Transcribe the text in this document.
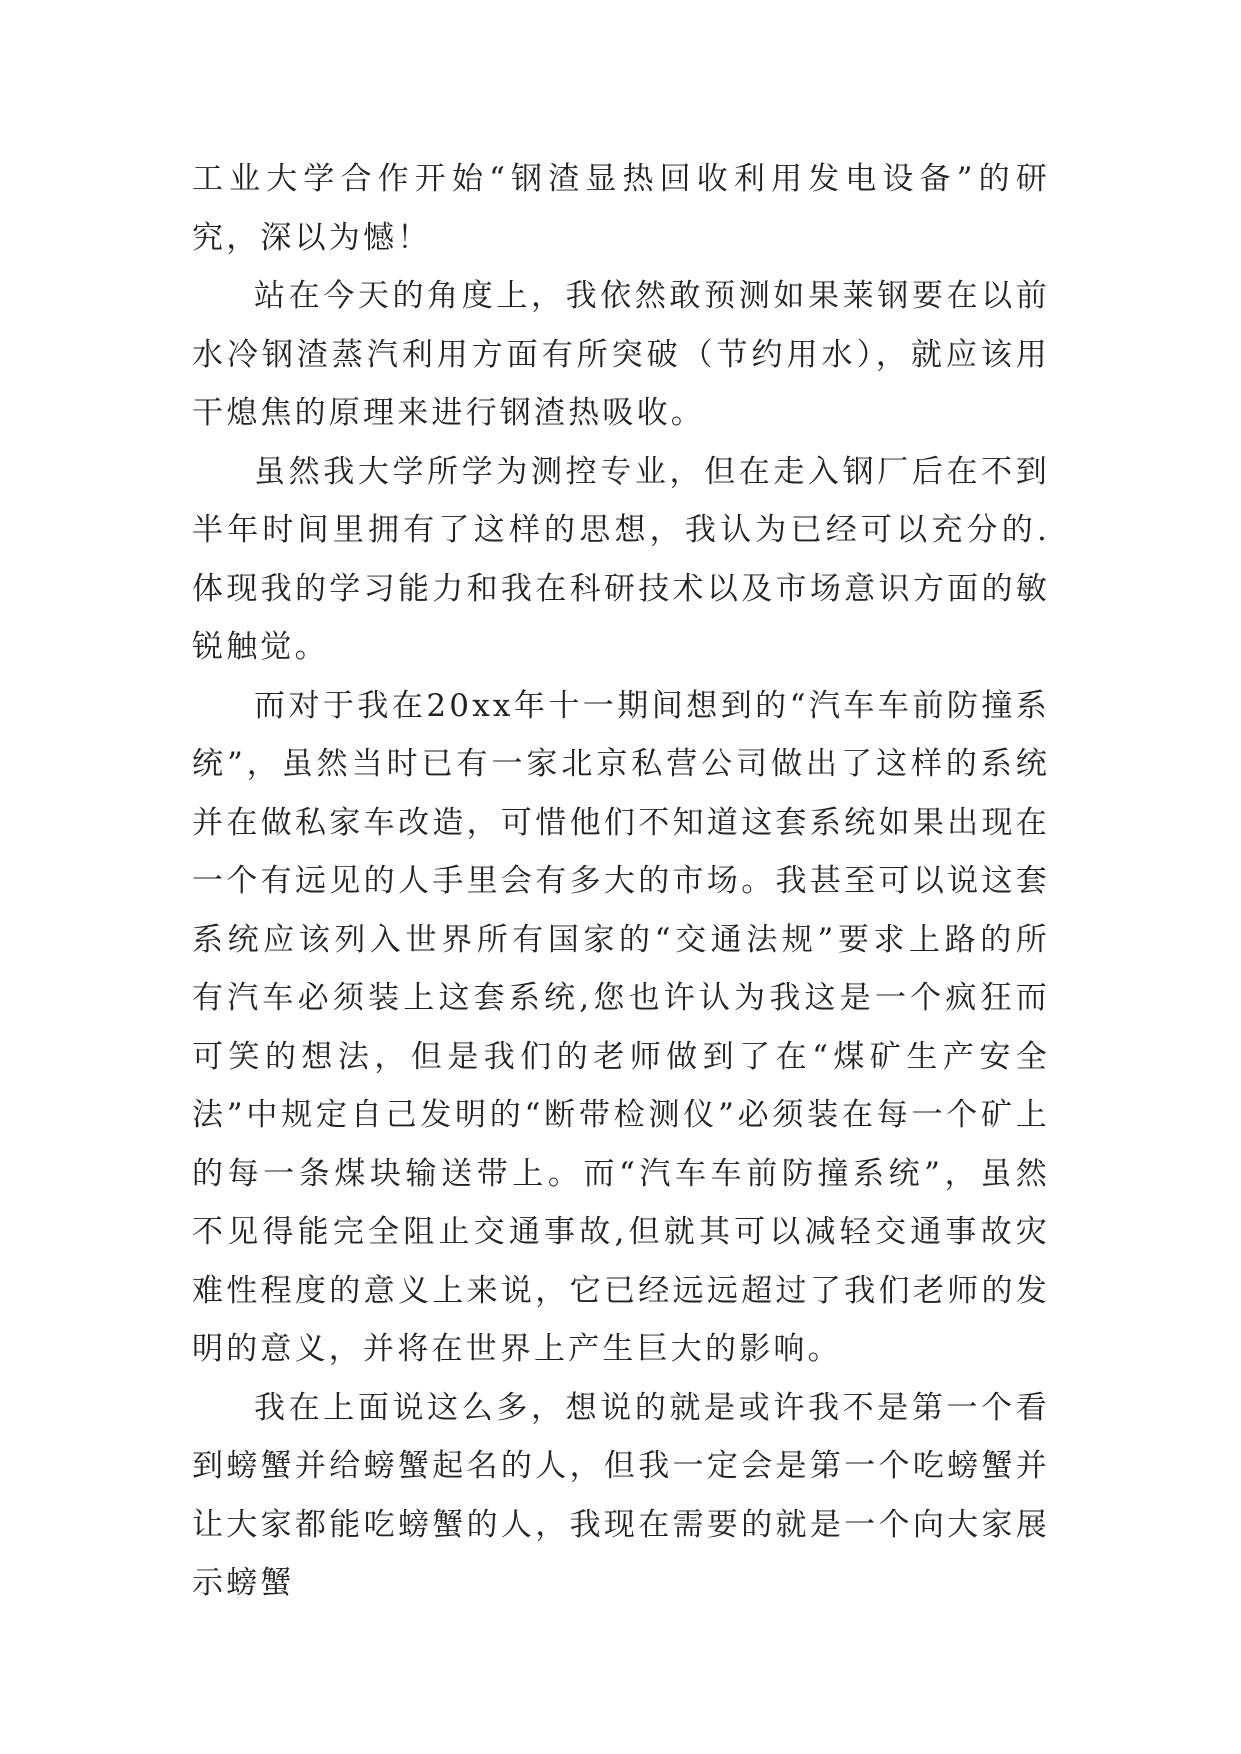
工业大学合作开始“钢渣显热回收利用发电设备”的研究，深以为憾！

站在今天的角度上，我依然敢预测如果莱钢要在以前水冷钢渣蒸汽利用方面有所突破（节约用水），就应该用干熄焦的原理来进行钢渣热吸收。

虽然我大学所学为测控专业，但在走入钢厂后在不到半年时间里拥有了这样的思想，我认为已经可以充分的.体现我的学习能力和我在科研技术以及市场意识方面的敏锐触觉。

而对于我在20xx年十一期间想到的“汽车车前防撞系统”，虽然当时已有一家北京私营公司做出了这样的系统并在做私家车改造，可惜他们不知道这套系统如果出现在一个有远见的人手里会有多大的市场。我甚至可以说这套系统应该列入世界所有国家的“交通法规”要求上路的所有汽车必须装上这套系统,您也许认为我这是一个疯狂而可笑的想法，但是我们的老师做到了在“煤矿生产安全法”中规定自己发明的“断带检测仪”必须装在每一个矿上的每一条煤块输送带上。而“汽车车前防撞系统”，虽然不见得能完全阻止交通事故,但就其可以减轻交通事故灾难性程度的意义上来说，它已经远远超过了我们老师的发明的意义，并将在世界上产生巨大的影响。

我在上面说这么多，想说的就是或许我不是第一个看到螃蟹并给螃蟹起名的人，但我一定会是第一个吃螃蟹并让大家都能吃螃蟹的人，我现在需要的就是一个向大家展示螃蟹
